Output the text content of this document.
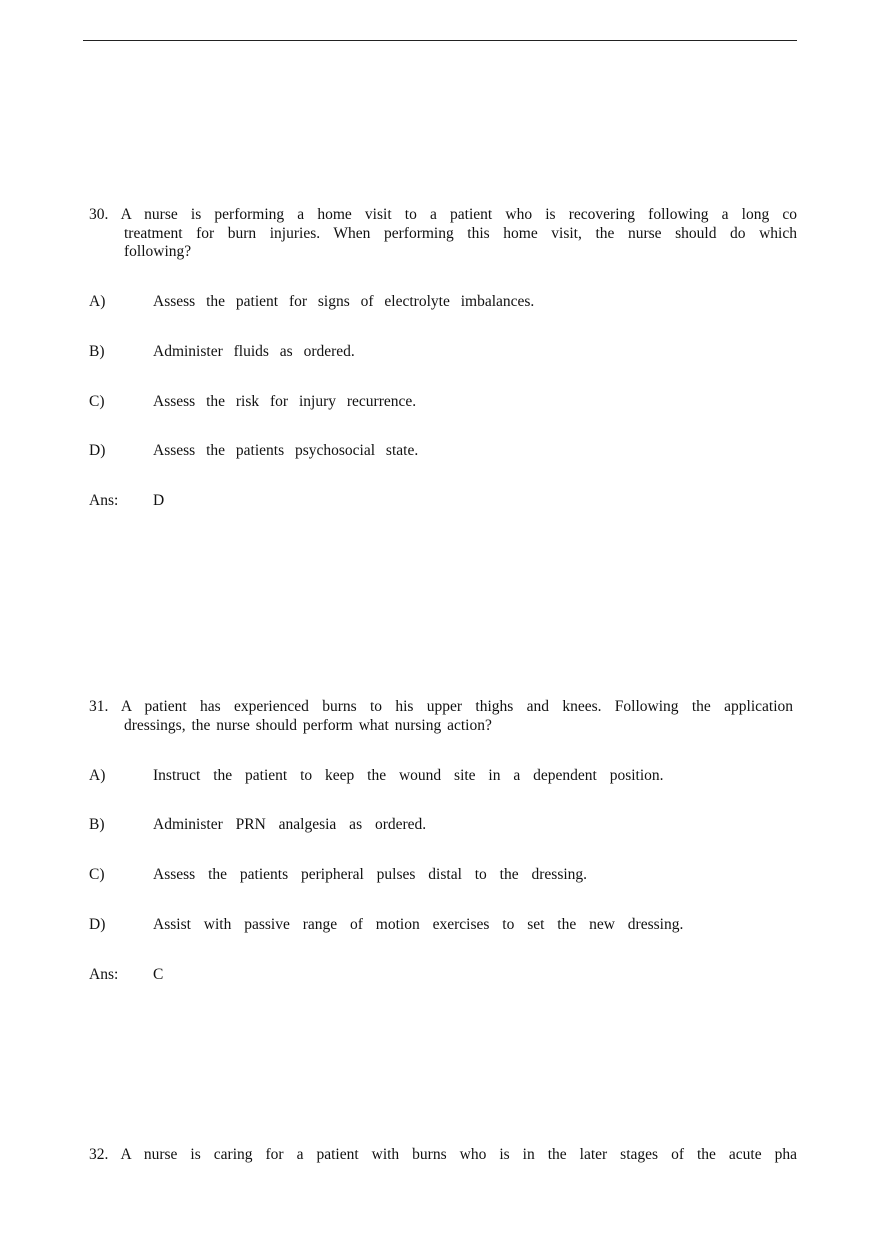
30. A nurse is performing a home visit to a patient who is recovering following a long co
treatment for burn injuries. When performing this home visit, the nurse should do which
following?
A)	Assess the patient for signs of electrolyte imbalances.
B)	Administer fluids as ordered.
C)	Assess the risk for injury recurrence.
D)	Assess the patients psychosocial state.
Ans: D
31. A patient has experienced burns to his upper thighs and knees. Following the application
dressings, the nurse should perform what nursing action?
A)	Instruct the patient to keep the wound site in a dependent position.
B)	Administer PRN analgesia as ordered.
C)	Assess the patients peripheral pulses distal to the dressing.
D)	Assist with passive range of motion exercises to set the new dressing.
Ans: C
32. A nurse is caring for a patient with burns who is in the later stages of the acute pha
